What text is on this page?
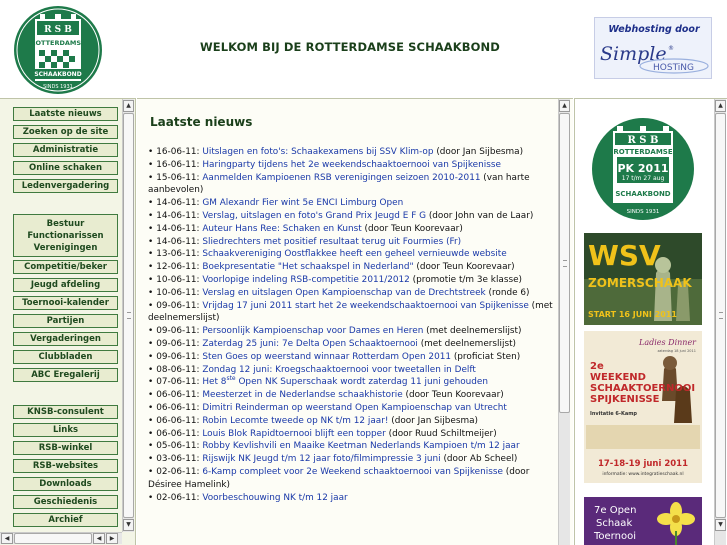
R S B
ROTTERDAMSE
SCHAAKBOND
SINDS 1931
WELKOM BIJ DE ROTTERDAMSE SCHAAKBOND
Webhosting door
Simple ®
HOSTiNG
Laatste nieuws
Zoeken op de site
Administratie
Online schaken
Ledenvergadering
Bestuur
Functionarissen
Verenigingen
Competitie/beker
Jeugd afdeling
Toernooi-kalender
Partijen
Vergaderingen
Clubbladen
ABC Eregalerij
KNSB-consulent
Links
RSB-winkel
RSB-websites
Downloads
Geschiedenis
Archief
▲
▼
◀	◀	▶
Laatste nieuws
• 16-06-11: Uitslagen en foto's: Schaakexamens bij SSV Klim-op (door Jan Sijbesma)
• 16-06-11: Haringparty tijdens het 2e weekendschaaktoernooi van Spijkenisse
• 15-06-11: Aanmelden Kampioenen RSB verenigingen seizoen 2010-2011 (van harte aanbevolen)
• 14-06-11: GM Alexandr Fier wint 5e ENCI Limburg Open
• 14-06-11: Verslag, uitslagen en foto's Grand Prix Jeugd E F G (door John van de Laar)
• 14-06-11: Auteur Hans Ree: Schaken en Kunst (door Teun Koorevaar)
• 14-06-11: Sliedrechters met positief resultaat terug uit Fourmies (Fr)
• 13-06-11: Schaakvereniging Oostflakkee heeft een geheel vernieuwde website
• 12-06-11: Boekpresentatie "Het schaakspel in Nederland" (door Teun Koorevaar)
• 10-06-11: Voorlopige indeling RSB-competitie 2011/2012 (promotie t/m 3e klasse)
• 10-06-11: Verslag en uitslagen Open Kampioenschap van de Drechtstreek (ronde 6)
• 09-06-11: Vrijdag 17 juni 2011 start het 2e weekendschaaktoernooi van Spijkenisse (met deelnemerslijst)
• 09-06-11: Persoonlijk Kampioenschap voor Dames en Heren (met deelnemerslijst)
• 09-06-11: Zaterdag 25 juni: 7e Delta Open Schaaktoernooi (met deelnemerslijst)
• 09-06-11: Sten Goes op weerstand winnaar Rotterdam Open 2011 (proficiat Sten)
• 08-06-11: Zondag 12 juni: Kroegschaaktoernooi voor tweetallen in Delft
• 07-06-11: Het 8ste Open NK Superschaak wordt zaterdag 11 juni gehouden
• 06-06-11: Meesterzet in de Nederlandse schaakhistorie (door Teun Koorevaar)
• 06-06-11: Dimitri Reinderman op weerstand Open Kampioenschap van Utrecht
• 06-06-11: Robin Lecomte tweede op NK t/m 12 jaar! (door Jan Sijbesma)
• 06-06-11: Louis Blok Rapidtoernooi blijft een topper (door Ruud Schiltmeijer)
• 05-06-11: Robby Kevlishvili en Maaike Keetman Nederlands Kampioen t/m 12 jaar
• 03-06-11: Rijswijk NK Jeugd t/m 12 jaar foto/filmimpressie 3 juni (door Ab Scheel)
• 02-06-11: 6-Kamp compleet voor 2e Weekend schaaktoernooi van Spijkenisse (door Désiree Hamelink)
• 02-06-11: Voorbeschouwing NK t/m 12 jaar
▲
R S B
ROTTERDAMSE
PK 2011
17 t/m 27 aug
SCHAAKBOND
SINDS 1931
WSV
ZOMERSCHAAK
START 16 JUNI 2011
Ladies Dinner
zaterdag 18 juni 2011
2e
WEEKEND
SCHAAKTOERNOOI
SPIJKENISSE
Invitatie 6-Kamp
17-18-19 juni 2011
informatie: www.integratieschaak.nl
7e Open
Schaak
Toernooi
▲
▼
